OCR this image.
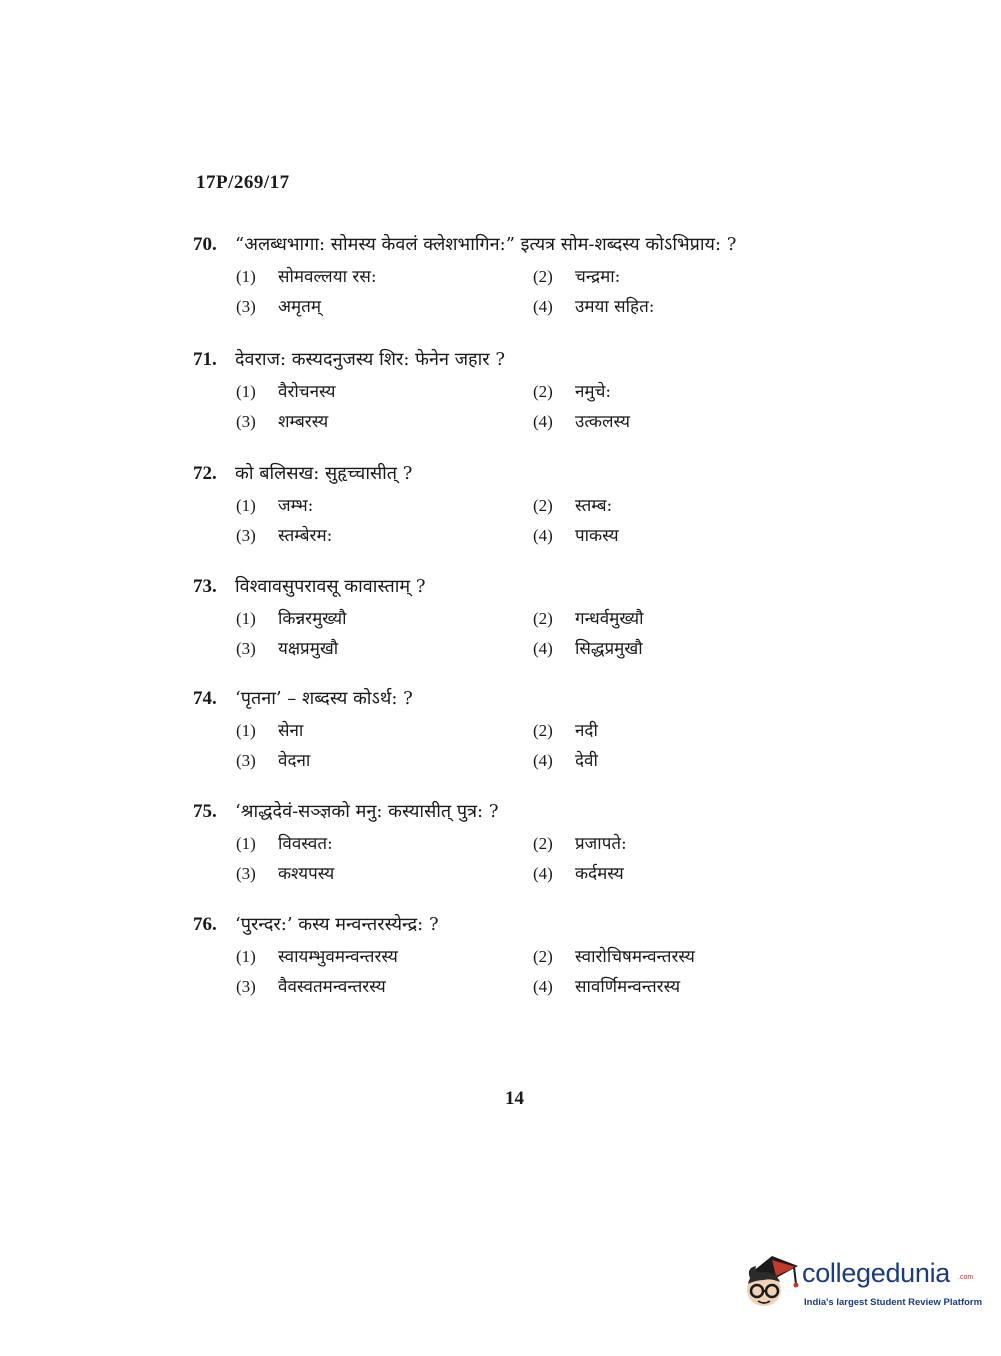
17P/269/17
70.	“अलब्धभागा: सोमस्य केवलं क्लेशभागिन:” इत्यत्र सोम-शब्दस्य कोऽभिप्राय: ?
(1)	सोमवल्लया रस:	(2)	चन्द्रमा:
(3)	अमृतम्	(4)	उमया सहित:
71.	देवराज: कस्यदनुजस्य शिर: फेनेन जहार ?
(1)	वैरोचनस्य	(2)	नमुचे:
(3)	शम्बरस्य	(4)	उत्कलस्य
72.	को बलिसख: सुहृच्चासीत् ?
(1)	जम्भ:	(2)	स्तम्ब:
(3)	स्तम्बेरम:	(4)	पाकस्य
73.	विश्वावसुपरावसू कावास्ताम् ?
(1)	किन्नरमुख्यौ	(2)	गन्धर्वमुख्यौ
(3)	यक्षप्रमुखौ	(4)	सिद्धप्रमुखौ
74.	‘पृतना’ – शब्दस्य कोऽर्थ: ?
(1)	सेना	(2)	नदी
(3)	वेदना	(4)	देवी
75.	‘श्राद्धदेवं-सञ्ज्ञको मनु: कस्यासीत् पुत्र: ?
(1)	विवस्वत:	(2)	प्रजापते:
(3)	कश्यपस्य	(4)	कर्दमस्य
76.	‘पुरन्दर:’ कस्य मन्वन्तरस्येन्द्र: ?
(1)	स्वायम्भुवमन्वन्तरस्य	(2)	स्वारोचिषमन्वन्तरस्य
(3)	वैवस्वतमन्वन्तरस्य	(4)	सावर्णिमन्वन्तरस्य
14
collegedunia .com
India's largest Student Review Platform
